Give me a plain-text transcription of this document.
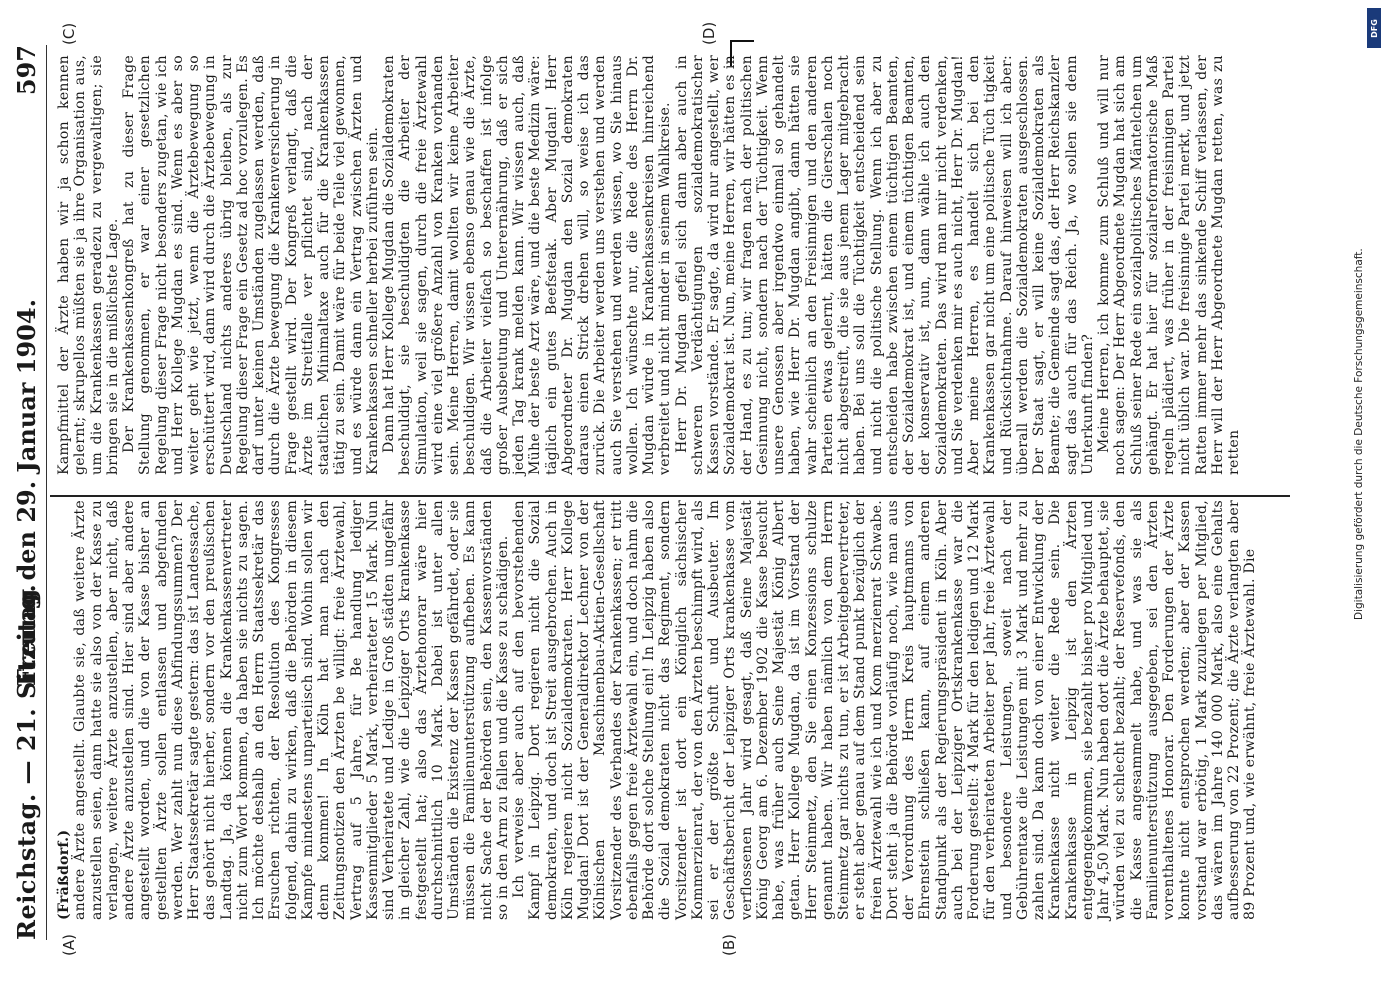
Reichstag. — 21. Sitzung.
Freitag den 29. Januar 1904.
597
(A)	(B)
(C)	(D)

(Fräßdorf.) andere Ärzte angestellt. Glaubte sie, daß weitere Ärzte anzustellen seien, dann hatte sie also von der Kasse zu verlangen, weitere Ärzte anzustellen, aber nicht, daß andere Ärzte anzustellen sind. Hier sind aber andere angestellt worden, und die von der Kasse bisher an gestellten Ärzte sollen entlassen und abgefunden werden. Wer zahlt nun diese Abfindungssummen? Der Herr Staatssekretär sagte gestern: das ist Landessache, das gehört nicht hierher, sondern vor den preußischen Landtag. Ja, da können die Krankenkassenvertreter nicht zum Wort kommen, da haben sie nichts zu sagen. Ich möchte deshalb an den Herrn Staatssekretär das Ersuchen richten, der Resolution des Kongresses folgend, dahin zu wirken, daß die Behörden in diesem Kampfe mindestens unparteiisch sind. Wohin sollen wir denn kommen! In Köln hat man nach den Zeitungsnotizen den Ärzten be willigt: freie Ärztewahl, Vertrag auf 5 Jahre, für Be handlung lediger Kassenmitglieder 5 Mark, verheirateter 15 Mark. Nun sind Verheiratete und Ledige in Groß städten ungefähr in gleicher Zahl, wie die Leipziger Orts krankenkasse festgestellt hat; also das Ärztehonorar wäre hier durchschnittlich 10 Mark. Dabei ist unter allen Umständen die Existenz der Kassen gefährdet, oder sie müssen die Familienunterstützung aufheben. Es kann nicht Sache der Behörden sein, den Kassenvorständen so in den Arm zu fallen und die Kasse zu schädigen. Ich verweise aber auch auf den bevorstehenden Kampf in Leipzig. Dort regieren nicht die Sozial demokraten, und doch ist Streit ausgebrochen. Auch in Köln regieren nicht Sozialdemokraten. Herr Kollege Mugdan! Dort ist der Generaldirektor Lechner von der Kölnischen Maschinenbau-Aktien-Gesellschaft Vorsitzender des Verbandes der Krankenkassen; er tritt ebenfalls gegen freie Ärztewahl ein, und doch nahm die Behörde dort solche Stellung ein! In Leipzig haben also die Sozial demokraten nicht das Regiment, sondern Vorsitzender ist dort ein Königlich sächsischer Kommerzienrat, der von den Ärzten beschimpft wird, als sei er der größte Schuft und Ausbeuter. Im Geschäftsbericht der Leipziger Orts krankenkasse vom verflossenen Jahr wird gesagt, daß Seine Majestät König Georg am 6. Dezember 1902 die Kasse besucht habe, was früher auch Seine Majestät König Albert getan. Herr Kollege Mugdan, da ist im Vorstand der Herr Steinmetz, den Sie einen Konzessions schulze genannt haben. Wir haben nämlich von dem Herrn Steinmetz gar nichts zu tun, er ist Arbeitgebervertreter, er steht aber genau auf dem Stand punkt bezüglich der freien Ärztewahl wie ich und Kom merzienrat Schwabe. Dort steht ja die Behörde vorläufig noch, wie man aus der Verordnung des Herrn Kreis hauptmanns von Ehrenstein schließen kann, auf einem anderen Standpunkt als der Regierungspräsident in Köln. Aber auch bei der Leipziger Ortskrankenkasse war die Forderung gestellt: 4 Mark für den ledigen und 12 Mark für den verheirateten Arbeiter per Jahr, freie Ärztewahl und besondere Leistungen, soweit nach der Gebührentaxe die Leistungen mit 3 Mark und mehr zu zahlen sind. Da kann doch von einer Entwicklung der Krankenkasse nicht weiter die Rede sein. Die Krankenkasse in Leipzig ist den Ärzten entgegengekommen, sie bezahlt bisher pro Mitglied und Jahr 4,50 Mark. Nun haben dort die Ärzte behauptet, sie würden viel zu schlecht bezahlt; der Reservefonds, den die Kasse angesammelt habe, und was sie als Familienunterstützung ausgegeben, sei den Ärzten vorenthaltenes Honorar. Den Forderungen der Ärzte konnte nicht entsprochen werden; aber der Kassen vorstand war erbötig, 1 Mark zuzulegen per Mitglied, das wären im Jahre 140 000 Mark, also eine Gehalts aufbesserung von 22 Prozent; die Ärzte verlangten aber 89 Prozent und, wie erwähnt, freie Ärztewahl. Die

Kampfmittel der Ärzte haben wir ja schon kennen gelernt; skrupellos müßten sie ja ihre Organisation aus, um die Krankenkassen geradezu zu vergewaltigen; sie bringen sie in die mißlichste Lage. Der Krankenkassenkongreß hat zu dieser Frage Stellung genommen, er war einer gesetzlichen Regelung dieser Frage nicht besonders zugetan, wie ich und Herr Kollege Mugdan es sind. Wenn es aber so weiter geht wie jetzt, wenn die Ärztebewegung so erschüttert wird, dann wird durch die Ärztebewegung in Deutschland nichts anderes übrig bleiben, als zur Regelung dieser Frage ein Gesetz ad hoc vorzulegen. Es darf unter keinen Umständen zugelassen werden, daß durch die Ärzte bewegung die Krankenversicherung in Frage gestellt wird. Der Kongreß verlangt, daß die Ärzte im Streitfalle ver pflichtet sind, nach der staatlichen Minimaltaxe auch für die Krankenkassen tätig zu sein. Damit wäre für beide Teile viel gewonnen, und es würde dann ein Vertrag zwischen Ärzten und Krankenkassen schneller herbei zuführen sein. Dann hat Herr Kollege Mugdan die Sozialdemokraten beschuldigt, sie beschuldigten die Arbeiter der Simulation, weil sie sagen, durch die freie Ärztewahl wird eine viel größere Anzahl von Kranken vorhanden sein. Meine Herren, damit wollten wir keine Arbeiter beschuldigen. Wir wissen ebenso genau wie die Ärzte, daß die Arbeiter vielfach so beschaffen ist infolge großer Ausbeutung und Unterernährung, daß er sich jeden Tag krank melden kann. Wir wissen auch, daß Mühe der beste Arzt wäre, und die beste Medizin wäre: täglich ein gutes Beefsteak. Aber Mugdan! Herr Abgeordneter Dr. Mugdan den Sozial demokraten daraus einen Strick drehen will, so weise ich das zurück. Die Arbeiter werden uns verstehen und werden auch Sie verstehen und werden wissen, wo Sie hinaus wollen. Ich wünschte nur, die Rede des Herrn Dr. Mugdan würde in Krankenkassenkreisen hinreichend verbreitet und nicht minder in seinem Wahlkreise. Herr Dr. Mugdan gefiel sich dann aber auch in schweren Verdächtigungen sozialdemokratischer Kassen vorstände. Er sagte, da wird nur angestellt, wer Sozialdemokrat ist. Nun, meine Herren, wir hätten es in der Hand, es zu tun; wir fragen nach der politischen Gesinnung nicht, sondern nach der Tüchtigkeit. Wenn unsere Genossen aber irgendwo einmal so gehandelt haben, wie Herr Dr. Mugdan angibt, dann hätten sie wahr scheinlich an den Freisinnigen und den anderen Parteien etwas gelernt, hätten die Gierschalen noch nicht abgestreift, die sie aus jenem Lager mitgebracht haben. Bei uns soll die Tüchtigkeit entscheidend sein und nicht die politische Stellung. Wenn ich aber zu entscheiden habe zwischen einem tüchtigen Beamten, der Sozialdemokrat ist, und einem tüchtigen Beamten, der konservativ ist, nun, dann wähle ich auch den Sozialdemokraten. Das wird man mir nicht verdenken, und Sie verdenken mir es auch nicht, Herr Dr. Mugdan! Aber meine Herren, es handelt sich bei den Krankenkassen gar nicht um eine politische Tüch tigkeit und Rücksichtnahme. Darauf hinweisen will ich aber: überall werden die Sozialdemokraten ausgeschlossen. Der Staat sagt, er will keine Sozialdemokraten als Beamte; die Gemeinde sagt das, der Herr Reichskanzler sagt das auch für das Reich. Ja, wo sollen sie denn Unterkunft finden? Meine Herren, ich komme zum Schluß und will nur noch sagen: Der Herr Abgeordnete Mugdan hat sich am Schluß seiner Rede ein sozialpolitisches Mäntelchen um gehängt. Er hat hier für sozialreformatorische Maß regeln plädiert, was früher in der freisinnigen Partei nicht üblich war. Die freisinnige Partei merkt, und jetzt Ratten immer mehr das sinkende Schiff verlassen, der Herr will der Herr Abgeordnete Mugdan retten, was zu retten

DFG
Digitalisierung gefördert durch die Deutsche Forschungsgemeinschaft.
